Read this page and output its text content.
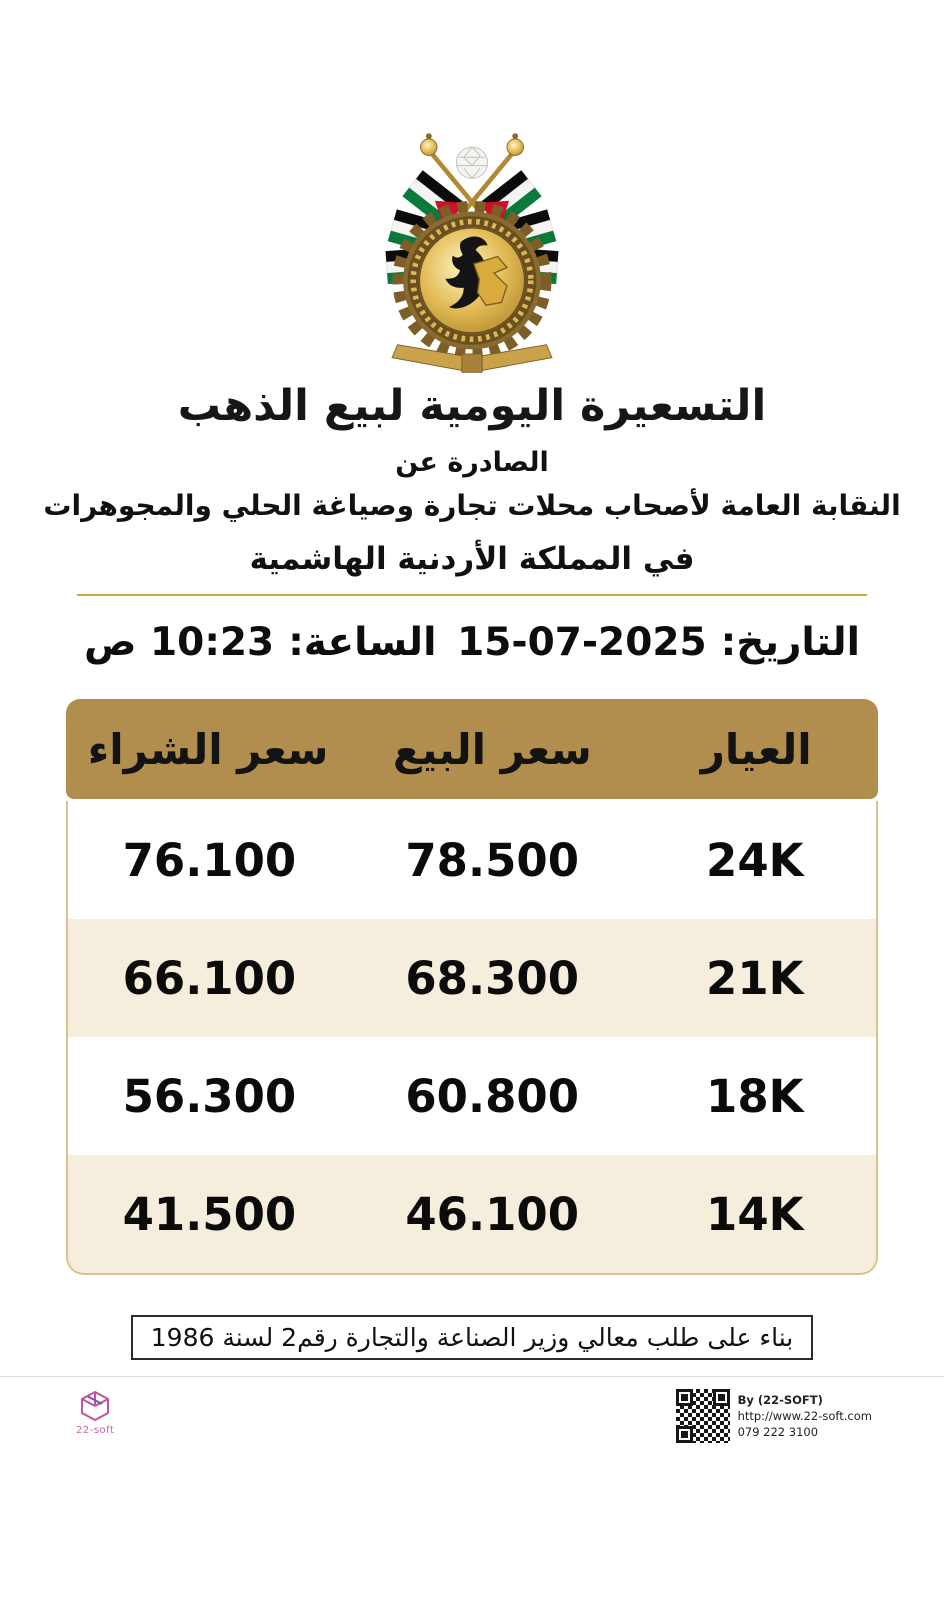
التسعيرة اليومية لبيع الذهب
الصادرة عن
النقابة العامة لأصحاب محلات تجارة وصياغة الحلي والمجوهرات
في المملكة الأردنية الهاشمية
التاريخ:
15-07-2025
الساعة:
10:23 ص
العيار
سعر البيع
سعر الشراء
24K
78.500
76.100
21K
68.300
66.100
18K
60.800
56.300
14K
46.100
41.500
بناء على طلب معالي وزير الصناعة والتجارة رقم2 لسنة 1986
22-soft
By (22-SOFT)
http://www.22-soft.com
079 222 3100
